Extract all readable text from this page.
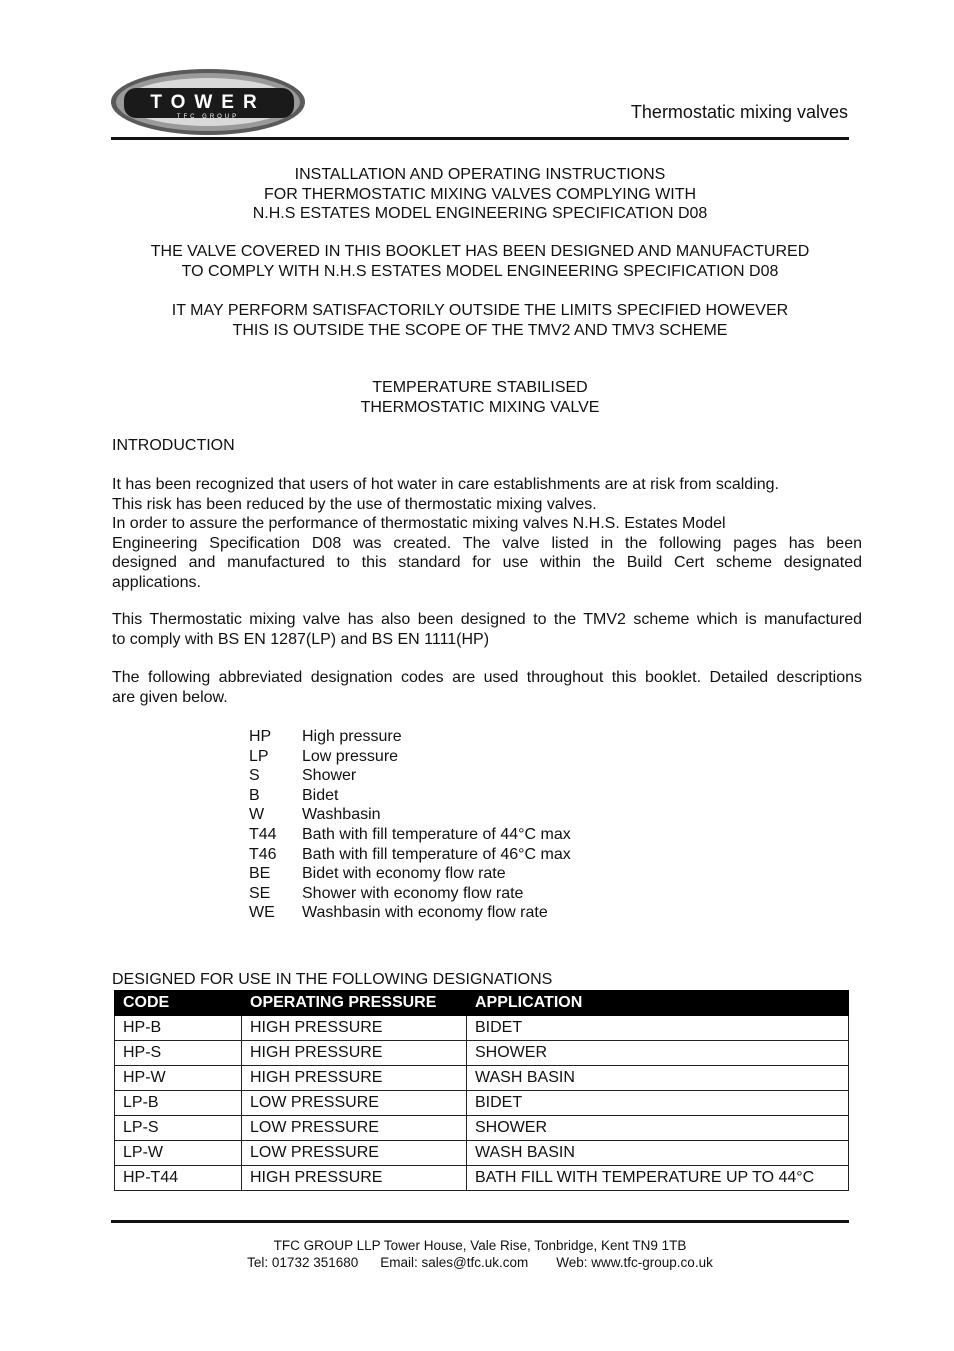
TOWER
TFC GROUP	Thermostatic mixing valves
INSTALLATION AND OPERATING INSTRUCTIONS
FOR THERMOSTATIC MIXING VALVES COMPLYING WITH
N.H.S ESTATES MODEL ENGINEERING SPECIFICATION D08
THE VALVE COVERED IN THIS BOOKLET HAS BEEN DESIGNED AND MANUFACTURED
TO COMPLY WITH N.H.S ESTATES MODEL ENGINEERING SPECIFICATION D08
IT MAY PERFORM SATISFACTORILY OUTSIDE THE LIMITS SPECIFIED HOWEVER
THIS IS OUTSIDE THE SCOPE OF THE TMV2 AND TMV3 SCHEME
TEMPERATURE STABILISED
THERMOSTATIC MIXING VALVE
INTRODUCTION
It has been recognized that users of hot water in care establishments are at risk from scalding.
This risk has been reduced by the use of thermostatic mixing valves.
In order to assure the performance of thermostatic mixing valves N.H.S. Estates Model
Engineering Specification D08 was created. The valve listed in the following pages has been
designed and manufactured to this standard for use within the Build Cert scheme designated
applications.
This Thermostatic mixing valve has also been designed to the TMV2 scheme which is manufactured
to comply with BS EN 1287(LP) and BS EN 1111(HP)
The following abbreviated designation codes are used throughout this booklet. Detailed descriptions
are given below.
HP	High pressure
LP	Low pressure
S	Shower
B	Bidet
W	Washbasin
T44	Bath with fill temperature of 44°C max
T46	Bath with fill temperature of 46°C max
BE	Bidet with economy flow rate
SE	Shower with economy flow rate
WE	Washbasin with economy flow rate
DESIGNED FOR USE IN THE FOLLOWING DESIGNATIONS
CODE	OPERATING PRESSURE	APPLICATION
HP-B	HIGH PRESSURE	BIDET
HP-S	HIGH PRESSURE	SHOWER
HP-W	HIGH PRESSURE	WASH BASIN
LP-B	LOW PRESSURE	BIDET
LP-S	LOW PRESSURE	SHOWER
LP-W	LOW PRESSURE	WASH BASIN
HP-T44	HIGH PRESSURE	BATH FILL WITH TEMPERATURE UP TO 44°C
TFC GROUP LLP Tower House, Vale Rise, Tonbridge, Kent TN9 1TB
Tel: 01732 351680 Email: sales@tfc.uk.com Web: www.tfc-group.co.uk
